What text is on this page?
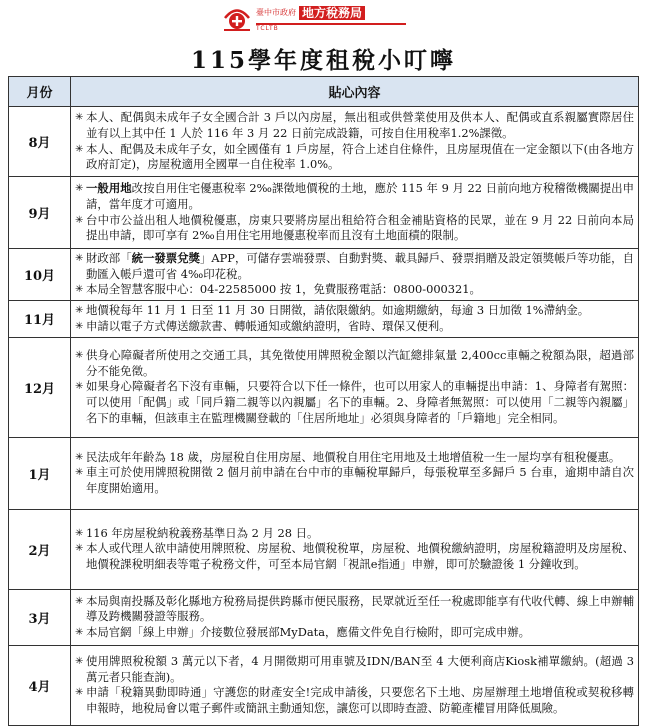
臺中市政府 地方稅務局
TCLTB
115學年度租稅小叮嚀
月份	貼心內容
8月	✳ 本人、配偶與未成年子女全國合計 3 戶以內房屋，無出租或供營業使用及供本人、配偶或直系親屬實際居住並有以上其中任 1 人於 116 年 3 月 22 日前完成設籍，可按自住用稅率1.2%課徵。
✳ 本人、配偶及未成年子女，如全國僅有 1 戶房屋，符合上述自住條件，且房屋現值在一定金額以下(由各地方政府訂定)，房屋稅適用全國單一自住稅率 1.0%。

9月	✳ 一般用地改按自用住宅優惠稅率 2‰課徵地價稅的土地，應於 115 年 9 月 22 日前向地方稅稽徵機關提出申請，當年度才可適用。
✳ 台中市公益出租人地價稅優惠，房東只要將房屋出租給符合租金補貼資格的民眾，並在 9 月 22 日前向本局提出申請，即可享有 2‰自用住宅用地優惠稅率而且沒有土地面積的限制。

10月	✳ 財政部「統一發票兌獎」APP，可儲存雲端發票、自動對獎、載具歸戶、發票捐贈及設定領獎帳戶等功能，自動匯入帳戶還可省 4‰印花稅。
✳ 本局全智慧客服中心：04-22585000 按 1，免費服務電話：0800-000321。

11月	✳ 地價稅每年 11 月 1 日至 11 月 30 日開徵，請依限繳納。如逾期繳納，每逾 3 日加徵 1%滯納金。
✳ 申請以電子方式傳送繳款書、轉帳通知或繳納證明，省時、環保又便利。

12月	✳ 供身心障礙者所使用之交通工具，其免徵使用牌照稅金額以汽缸總排氣量 2,400cc車輛之稅額為限，超過部分不能免徵。
✳ 如果身心障礙者名下沒有車輛，只要符合以下任一條件，也可以用家人的車輛提出申請：1、身障者有駕照：可以使用「配偶」或「同戶籍二親等以內親屬」名下的車輛。2、身障者無駕照：可以使用「二親等內親屬」名下的車輛，但該車主在監理機關登載的「住居所地址」必須與身障者的「戶籍地」完全相同。

1月	✳ 民法成年年齡為 18 歲，房屋稅自住用房屋、地價稅自用住宅用地及土地增值稅一生一屋均享有租稅優惠。
✳ 車主可於使用牌照稅開徵 2 個月前申請在台中市的車輛稅單歸戶，每張稅單至多歸戶 5 台車，逾期申請自次年度開始適用。

2月	✳ 116 年房屋稅納稅義務基準日為 2 月 28 日。
✳ 本人或代理人欲申請使用牌照稅、房屋稅、地價稅稅單，房屋稅、地價稅繳納證明，房屋稅籍證明及房屋稅、地價稅課稅明細表等電子稅務文件，可至本局官網「視訊e指通」申辦，即可於驗證後 1 分鐘收到。

3月	✳ 本局與南投縣及彰化縣地方稅務局提供跨縣市便民服務，民眾就近至任一稅處即能享有代收代轉、線上申辦輔導及跨機關發證等服務。
✳ 本局官網「線上申辦」介接數位發展部MyData，應備文件免自行檢附，即可完成申辦。

4月	✳ 使用牌照稅稅額 3 萬元以下者，4 月開徵期可用車號及IDN/BAN至 4 大便利商店Kiosk補單繳納。(超過 3 萬元者只能查詢)。
✳ 申請「稅籍異動即時通」守護您的財產安全!完成申請後，只要您名下土地、房屋辦理土地增值稅或契稅移轉申報時，地稅局會以電子郵件或簡訊主動通知您，讓您可以即時查證、防範產權冒用降低風險。
